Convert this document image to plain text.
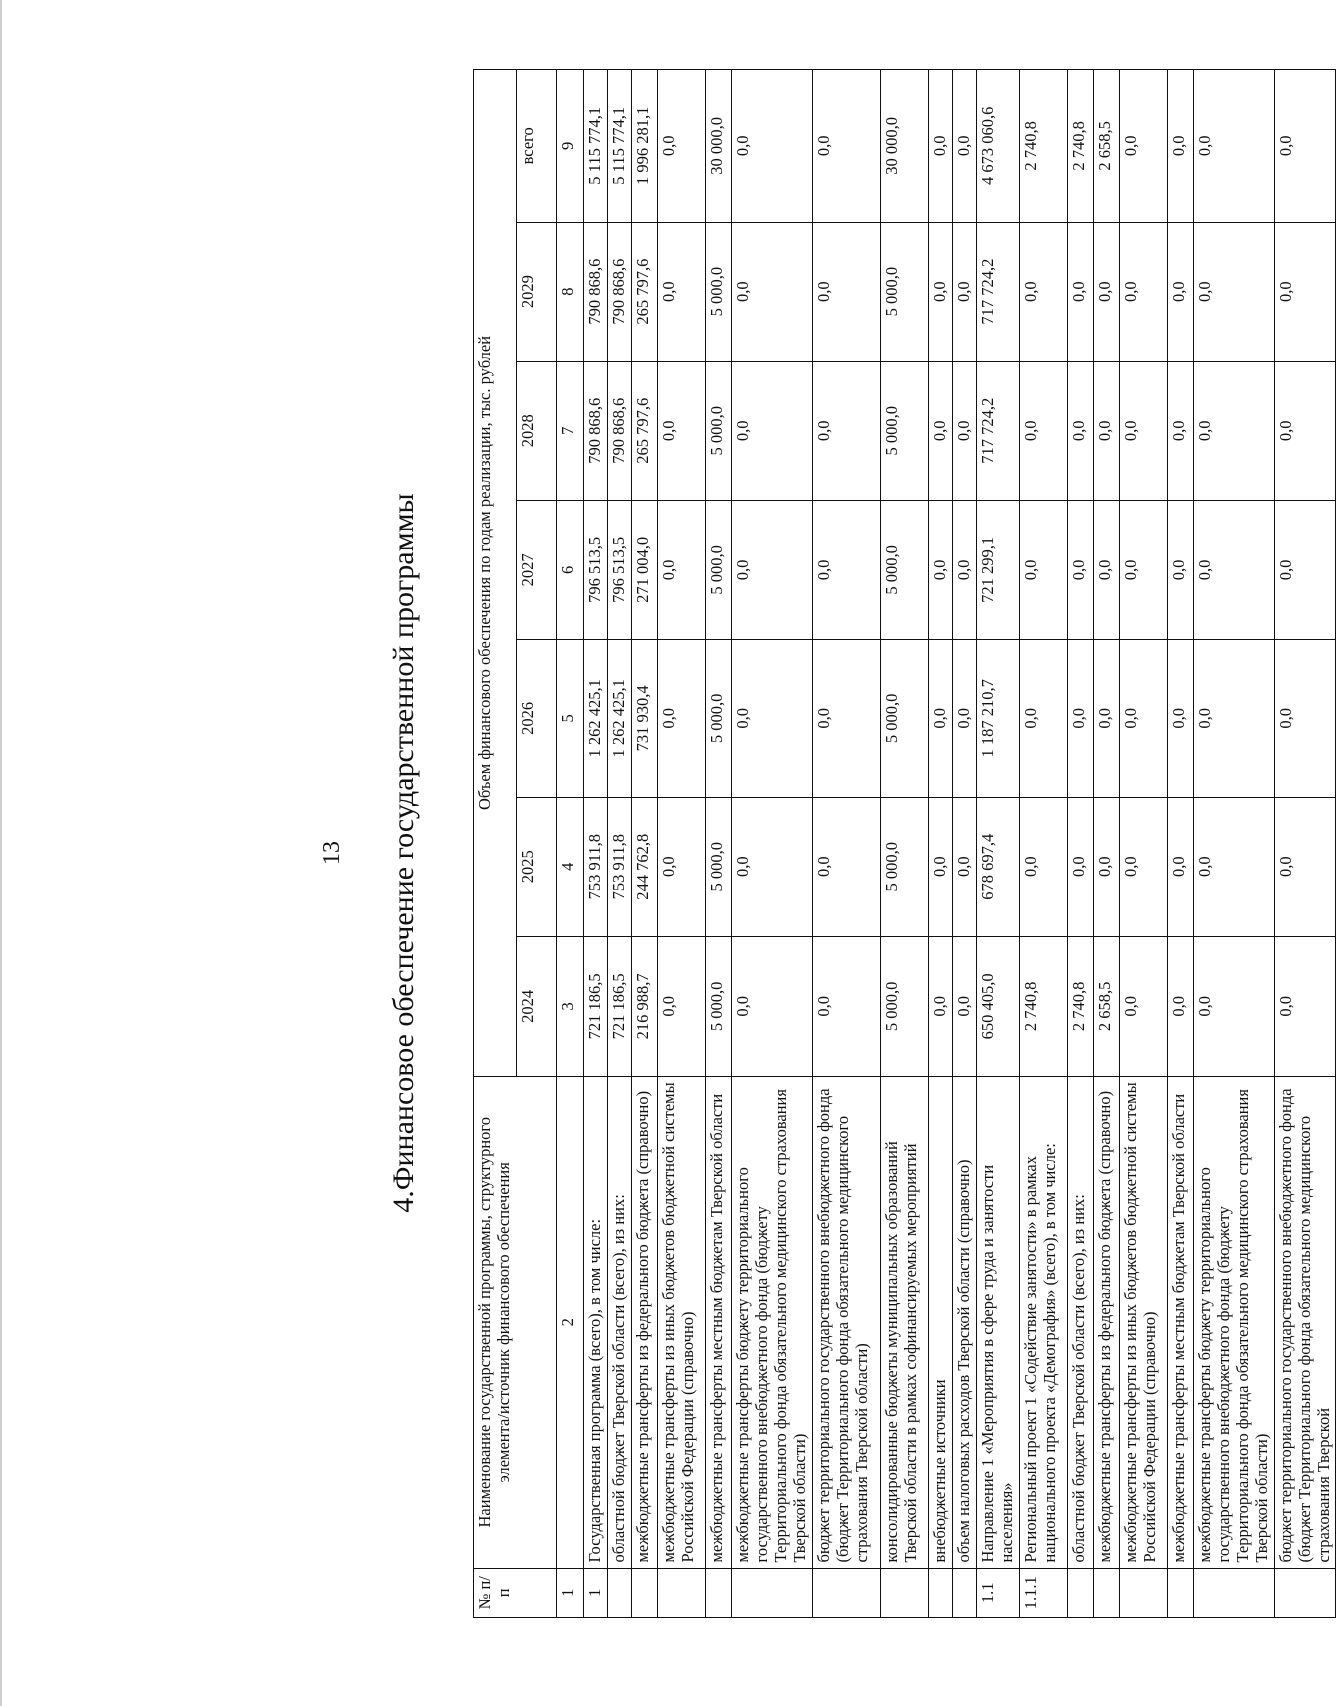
13 4.Финансовое обеспечение государственной программы
№ п/п	Наименование государственной программы, структурного элемента/источник финансового обеспечения	Объем финансового обеспечения по годам реализации, тыс. рублей						
		2024	2025	2026	2027	2028	2029	всего
1	2	3	4	5	6	7	8	9
1	Государственная программа (всего), в том числе:	721 186,5	753 911,8	1 262 425,1	796 513,5	790 868,6	790 868,6	5 115 774,1
	областной бюджет Тверской области (всего), из них:	721 186,5	753 911,8	1 262 425,1	796 513,5	790 868,6	790 868,6	5 115 774,1
	межбюджетные трансферты из федерального бюджета (справочно)	216 988,7	244 762,8	731 930,4	271 004,0	265 797,6	265 797,6	1 996 281,1
	межбюджетные трансферты из иных бюджетов бюджетной системы Российской Федерации (справочно)	0,0	0,0	0,0	0,0	0,0	0,0	0,0
	межбюджетные трансферты местным бюджетам Тверской области	5 000,0	5 000,0	5 000,0	5 000,0	5 000,0	5 000,0	30 000,0
	межбюджетные трансферты бюджету территориального государственного внебюджетного фонда (бюджету Территориального фонда обязательного медицинского страхования Тверской области)	0,0	0,0	0,0	0,0	0,0	0,0	0,0
	бюджет территориального государственного внебюджетного фонда (бюджет Территориального фонда обязательного медицинского страхования Тверской области)	0,0	0,0	0,0	0,0	0,0	0,0	0,0
	консолидированные бюджеты муниципальных образований Тверской области в рамках софинансируемых мероприятий	5 000,0	5 000,0	5 000,0	5 000,0	5 000,0	5 000,0	30 000,0
	внебюджетные источники	0,0	0,0	0,0	0,0	0,0	0,0	0,0
	объем налоговых расходов Тверской области (справочно)	0,0	0,0	0,0	0,0	0,0	0,0	0,0
1.1	Направление 1 «Мероприятия в сфере труда и занятости населения»	650 405,0	678 697,4	1 187 210,7	721 299,1	717 724,2	717 724,2	4 673 060,6
1.1.1	Региональный проект 1 «Содействие занятости» в рамках национального проекта «Демография» (всего), в том числе:	2 740,8	0,0	0,0	0,0	0,0	0,0	2 740,8
	областной бюджет Тверской области (всего), из них:	2 740,8	0,0	0,0	0,0	0,0	0,0	2 740,8
	межбюджетные трансферты из федерального бюджета (справочно)	2 658,5	0,0	0,0	0,0	0,0	0,0	2 658,5
	межбюджетные трансферты из иных бюджетов бюджетной системы Российской Федерации (справочно)	0,0	0,0	0,0	0,0	0,0	0,0	0,0
	межбюджетные трансферты местным бюджетам Тверской области	0,0	0,0	0,0	0,0	0,0	0,0	0,0
	межбюджетные трансферты бюджету территориального государственного внебюджетного фонда (бюджету Территориального фонда обязательного медицинского страхования Тверской области)	0,0	0,0	0,0	0,0	0,0	0,0	0,0
	бюджет территориального государственного внебюджетного фонда (бюджет Территориального фонда обязательного медицинского страхования Тверской	0,0	0,0	0,0	0,0	0,0	0,0	0,0
